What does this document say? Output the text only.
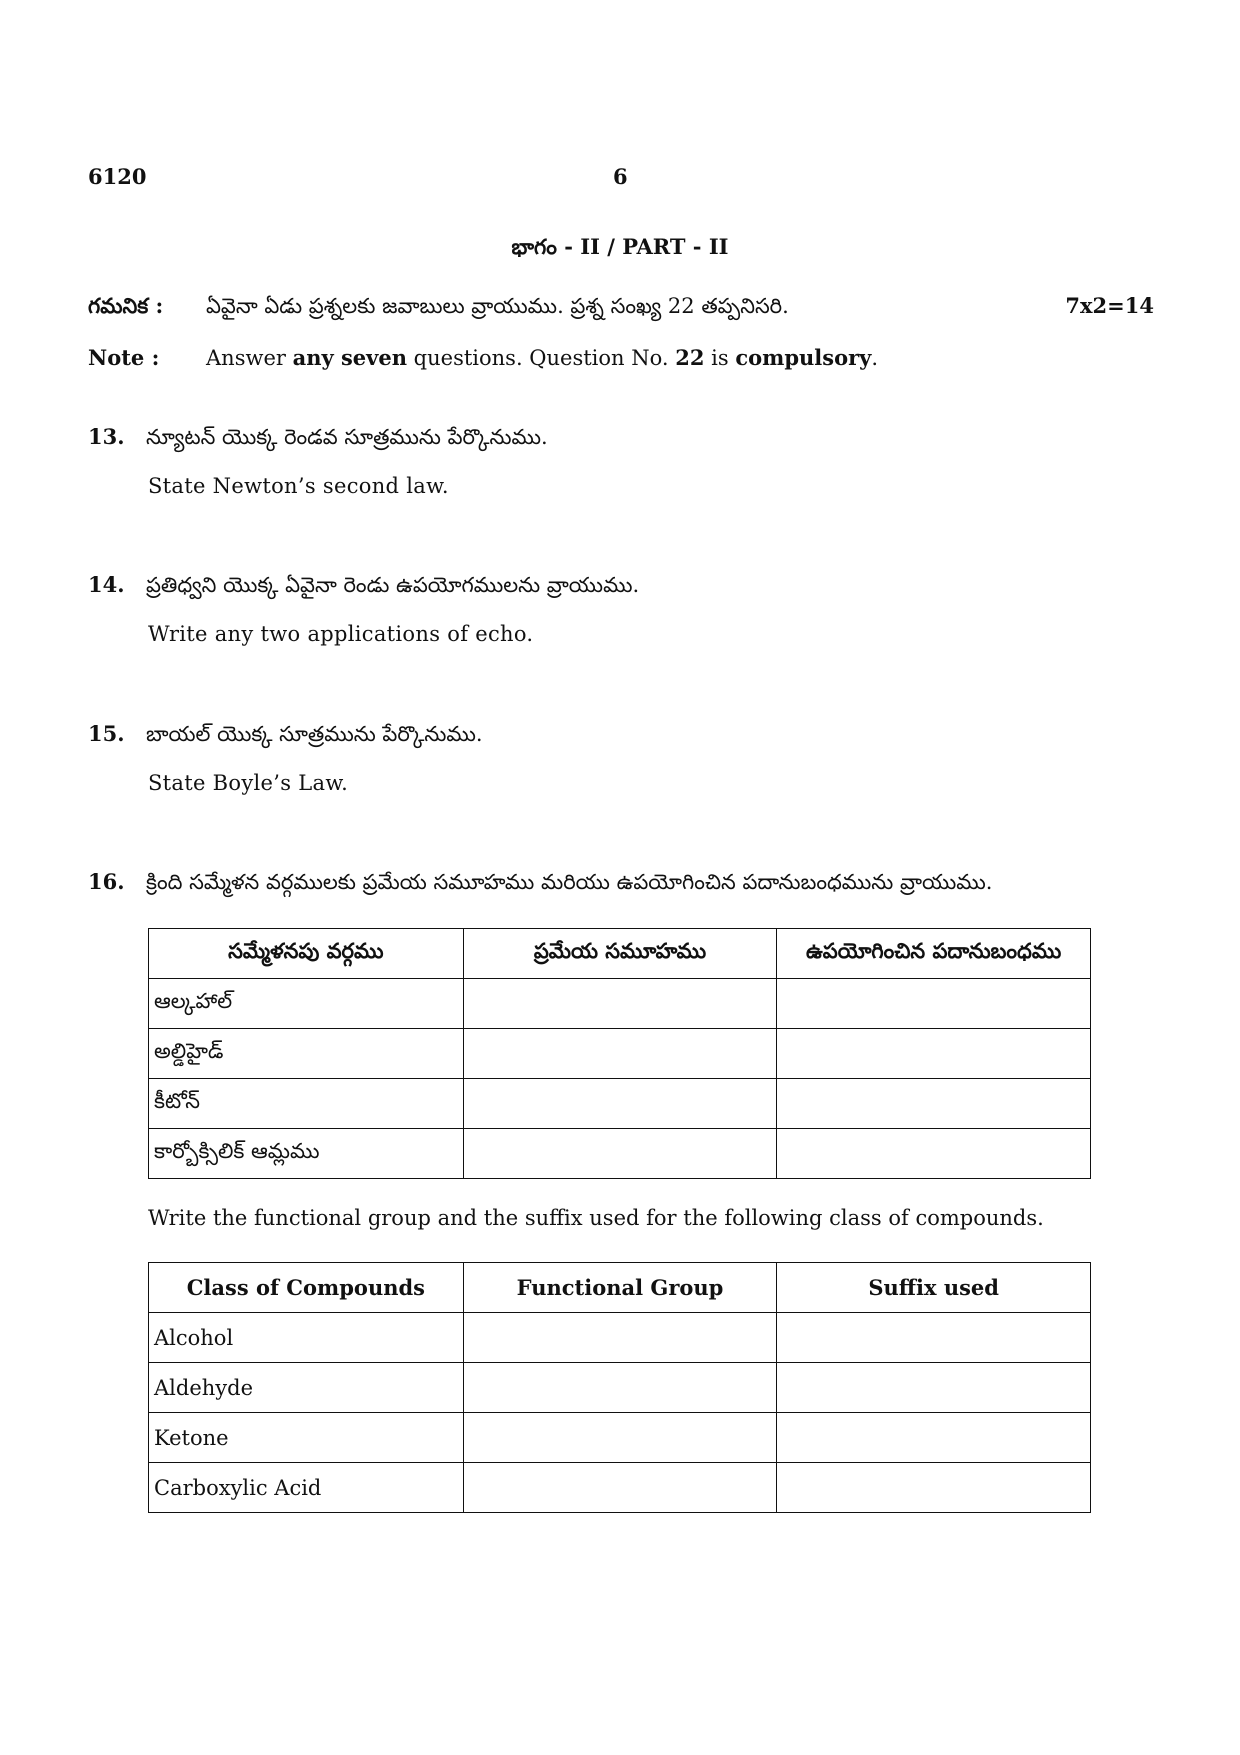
6120	6
భాగం - II / PART - II
గమనిక : ఏవైనా ఏడు ప్రశ్నలకు జవాబులు వ్రాయుము. ప్రశ్న సంఖ్య 22 తప్పనిసరి.	7x2=14
Note : Answer any seven questions. Question No. 22 is compulsory.
13. న్యూటన్ యొక్క రెండవ సూత్రమును పేర్కొనుము.
State Newton’s second law.
14. ప్రతిధ్వని యొక్క ఏవైనా రెండు ఉపయోగములను వ్రాయుము.
Write any two applications of echo.
15. బాయల్ యొక్క సూత్రమును పేర్కొనుము.
State Boyle’s Law.
16. క్రింది సమ్మేళన వర్గములకు ప్రమేయ సమూహము మరియు ఉపయోగించిన పదానుబంధమును వ్రాయుము.
సమ్మేళనపు వర్గము	ప్రమేయ సమూహము	ఉపయోగించిన పదానుబంధము
ఆల్కహాల్		
అల్డిహైడ్		
కీటోన్		
కార్బోక్సిలిక్ ఆమ్లము		
Write the functional group and the suffix used for the following class of compounds.
Class of Compounds	Functional Group	Suffix used
Alcohol		
Aldehyde		
Ketone		
Carboxylic Acid		
